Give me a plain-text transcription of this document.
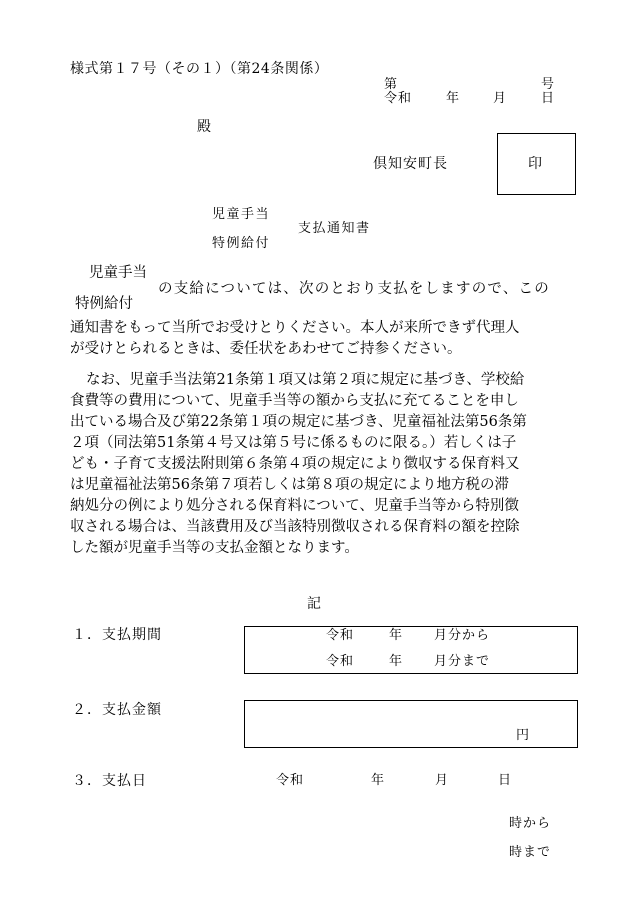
様式第１７号（その１）（第24条関係）
第	号
令和	年	月	日
殿
倶知安町長	印
児童手当
支払通知書
特例給付
児童手当
の支給については、次のとおり支払をしますので、この
特例給付
通知書をもって当所でお受けとりください。本人が来所できず代理人
が受けとられるときは、委任状をあわせてご持参ください。
なお、児童手当法第21条第１項又は第２項に規定に基づき、学校給
食費等の費用について、児童手当等の額から支払に充てることを申し
出ている場合及び第22条第１項の規定に基づき、児童福祉法第56条第
２項（同法第51条第４号又は第５号に係るものに限る。）若しくは子
ども・子育て支援法附則第６条第４項の規定により徴収する保育料又
は児童福祉法第56条第７項若しくは第８項の規定により地方税の滞
納処分の例により処分される保育料について、児童手当等から特別徴
収される場合は、当該費用及び当該特別徴収される保育料の額を控除
した額が児童手当等の支払金額となります。
記
１．支払期間	令和	年 月分から
令和	年 月分まで
２．支払金額
円
３．支払日	令和	年	月	日
時から
時まで
